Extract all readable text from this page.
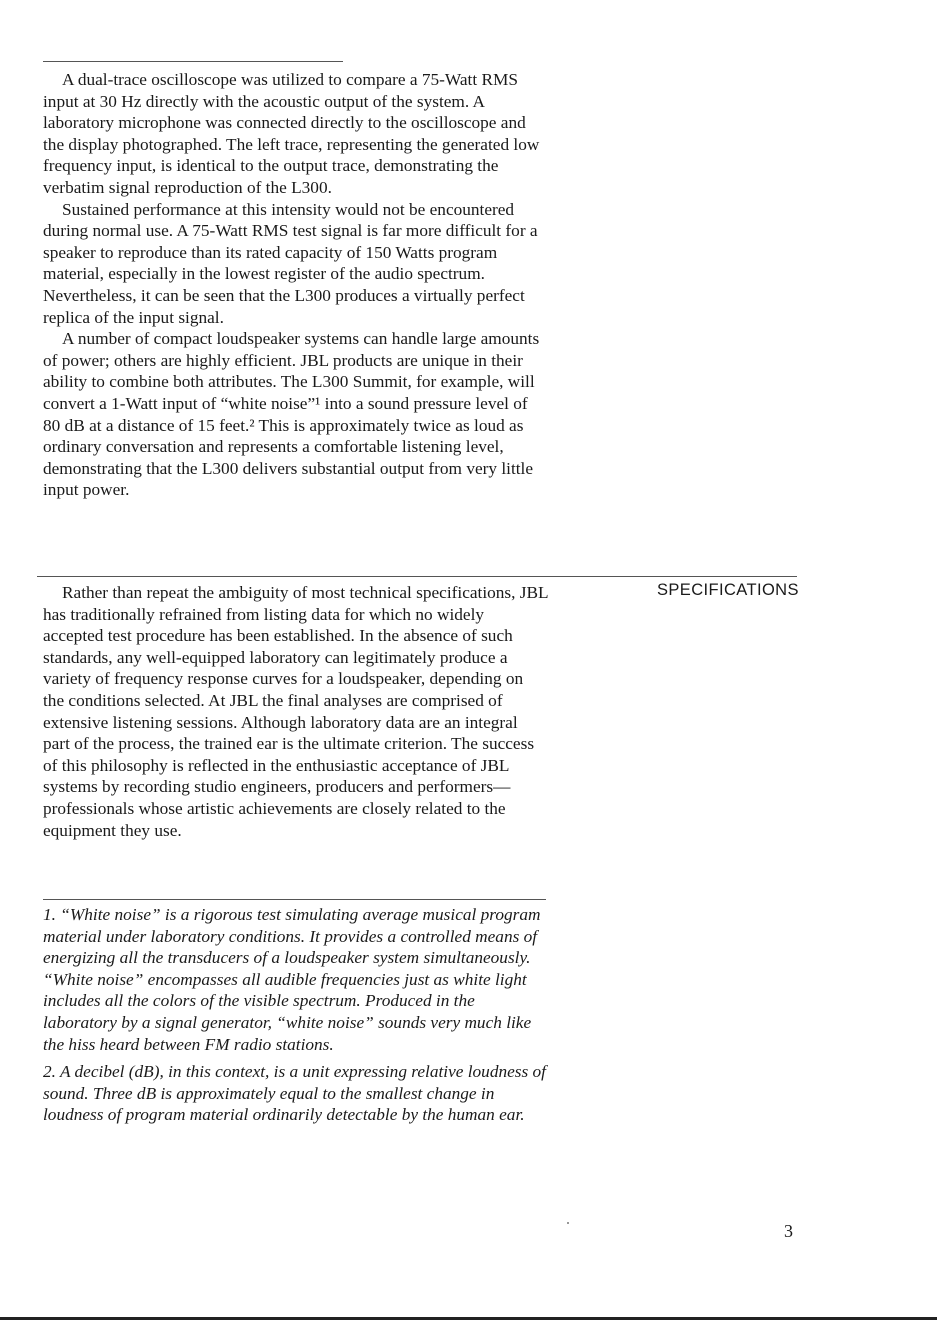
A dual-trace oscilloscope was utilized to compare a 75-Watt RMS input at 30 Hz directly with the acoustic output of the system. A laboratory microphone was connected directly to the oscilloscope and the display photographed. The left trace, representing the generated low frequency input, is identical to the output trace, demonstrating the verbatim signal reproduction of the L300.

Sustained performance at this intensity would not be encountered during normal use. A 75-Watt RMS test signal is far more difficult for a speaker to reproduce than its rated capacity of 150 Watts program material, especially in the lowest register of the audio spectrum. Nevertheless, it can be seen that the L300 produces a virtually perfect replica of the input signal.

A number of compact loudspeaker systems can handle large amounts of power; others are highly efficient. JBL products are unique in their ability to combine both attributes. The L300 Summit, for example, will convert a 1-Watt input of “white noise”¹ into a sound pressure level of 80 dB at a distance of 15 feet.² This is approximately twice as loud as ordinary conversation and represents a comfortable listening level, demonstrating that the L300 delivers substantial output from very little input power.

SPECIFICATIONS

Rather than repeat the ambiguity of most technical specifications, JBL has traditionally refrained from listing data for which no widely accepted test procedure has been established. In the absence of such standards, any well-equipped laboratory can legitimately produce a variety of frequency response curves for a loudspeaker, depending on the conditions selected. At JBL the final analyses are comprised of extensive listening sessions. Although laboratory data are an integral part of the process, the trained ear is the ultimate criterion. The success of this philosophy is reflected in the enthusiastic acceptance of JBL systems by recording studio engineers, producers and performers—professionals whose artistic achievements are closely related to the equipment they use.

1. “White noise” is a rigorous test simulating average musical program material under laboratory conditions. It provides a controlled means of energizing all the transducers of a loudspeaker system simultaneously. “White noise” encompasses all audible frequencies just as white light includes all the colors of the visible spectrum. Produced in the laboratory by a signal generator, “white noise” sounds very much like the hiss heard between FM radio stations.

2. A decibel (dB), in this context, is a unit expressing relative loudness of sound. Three dB is approximately equal to the smallest change in loudness of program material ordinarily detectable by the human ear.

3
